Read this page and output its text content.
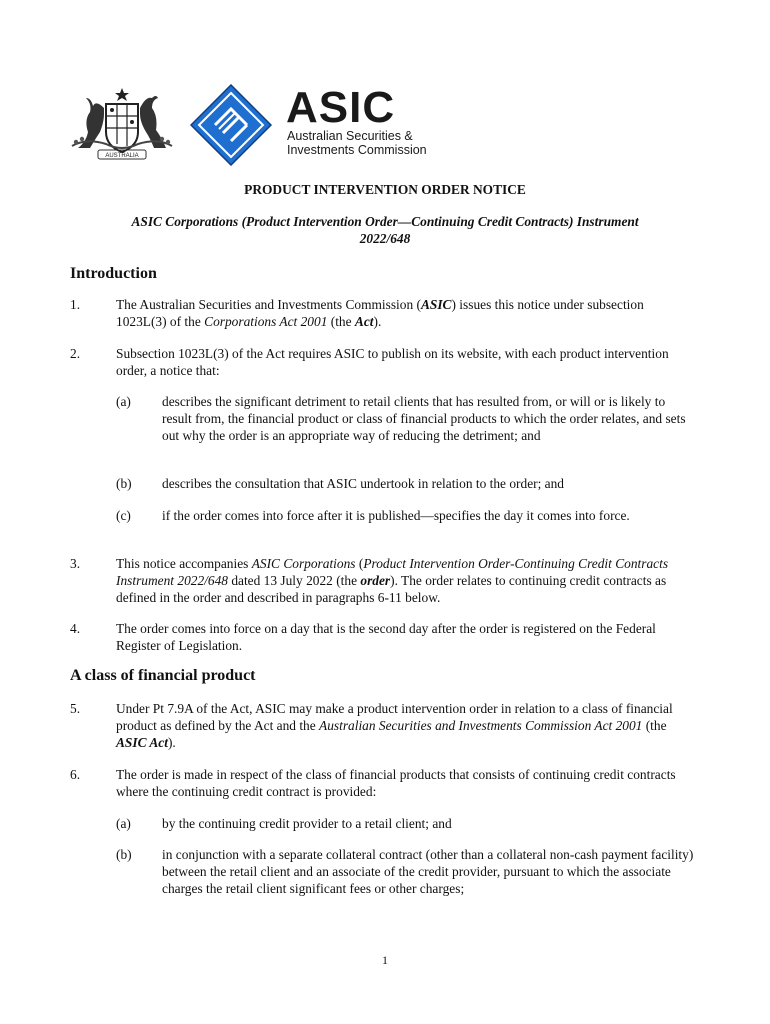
AUSTRALIA
ASIC
Australian Securities &
Investments Commission
PRODUCT INTERVENTION ORDER NOTICE
ASIC Corporations (Product Intervention Order—Continuing Credit Contracts) Instrument
2022/648
Introduction
1.	The Australian Securities and Investments Commission (ASIC) issues this notice under subsection 1023L(3) of the Corporations Act 2001 (the Act).
2.	Subsection 1023L(3) of the Act requires ASIC to publish on its website, with each product intervention order, a notice that:
(a) describes the significant detriment to retail clients that has resulted from, or will or is likely to result from, the financial product or class of financial products to which the order relates, and sets out why the order is an appropriate way of reducing the detriment; and
(b) describes the consultation that ASIC undertook in relation to the order; and
(c) if the order comes into force after it is published—specifies the day it comes into force.
3.	This notice accompanies ASIC Corporations (Product Intervention Order-Continuing Credit Contracts Instrument 2022/648 dated 13 July 2022 (the order). The order relates to continuing credit contracts as defined in the order and described in paragraphs 6-11 below.
4.	The order comes into force on a day that is the second day after the order is registered on the Federal Register of Legislation.
A class of financial product
5.	Under Pt 7.9A of the Act, ASIC may make a product intervention order in relation to a class of financial product as defined by the Act and the Australian Securities and Investments Commission Act 2001 (the ASIC Act).
6.	The order is made in respect of the class of financial products that consists of continuing credit contracts where the continuing credit contract is provided:
(a) by the continuing credit provider to a retail client; and
(b) in conjunction with a separate collateral contract (other than a collateral non-cash payment facility) between the retail client and an associate of the credit provider, pursuant to which the associate charges the retail client significant fees or other charges;
1
